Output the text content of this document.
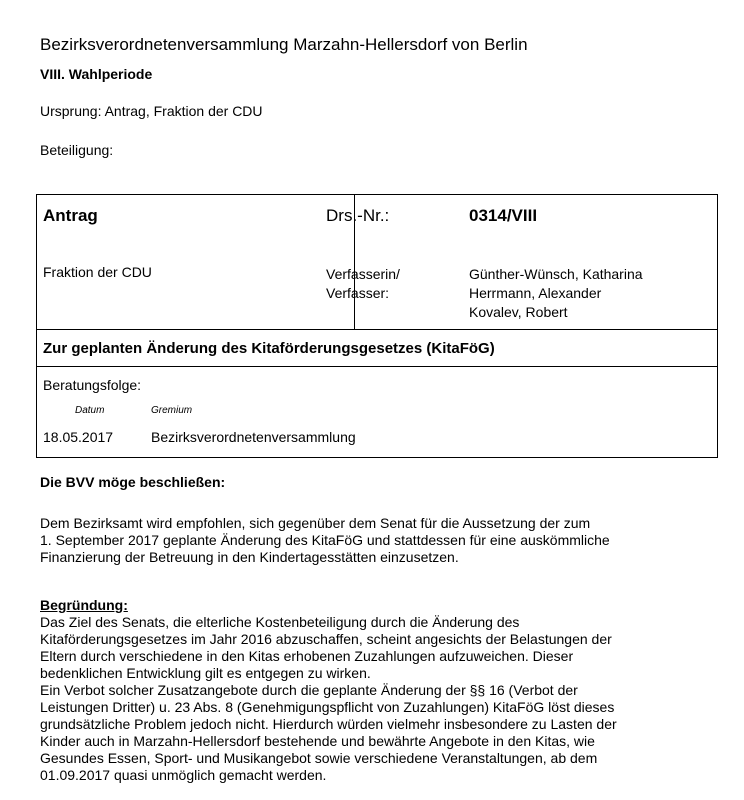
Bezirksverordnetenversammlung Marzahn-Hellersdorf von Berlin
VIII. Wahlperiode
Ursprung: Antrag, Fraktion der CDU
Beteiligung:
Antrag
Fraktion der CDU
Drs.-Nr.:	0314/VIII
Verfasserin/
Verfasser:
Günther-Wünsch, Katharina
Herrmann, Alexander
Kovalev, Robert
Zur geplanten Änderung des Kitaförderungsgesetzes (KitaFöG)
Beratungsfolge:
Datum	Gremium
18.05.2017	Bezirksverordnetenversammlung
Die BVV möge beschließen:
Dem Bezirksamt wird empfohlen, sich gegenüber dem Senat für die Aussetzung der zum
1. September 2017 geplante Änderung des KitaFöG und stattdessen für eine auskömmliche
Finanzierung der Betreuung in den Kindertagesstätten einzusetzen.
Begründung:
Das Ziel des Senats, die elterliche Kostenbeteiligung durch die Änderung des
Kitaförderungsgesetzes im Jahr 2016 abzuschaffen, scheint angesichts der Belastungen der
Eltern durch verschiedene in den Kitas erhobenen Zuzahlungen aufzuweichen. Dieser
bedenklichen Entwicklung gilt es entgegen zu wirken.
Ein Verbot solcher Zusatzangebote durch die geplante Änderung der §§ 16 (Verbot der
Leistungen Dritter) u. 23 Abs. 8 (Genehmigungspflicht von Zuzahlungen) KitaFöG löst dieses
grundsätzliche Problem jedoch nicht. Hierdurch würden vielmehr insbesondere zu Lasten der
Kinder auch in Marzahn-Hellersdorf bestehende und bewährte Angebote in den Kitas, wie
Gesundes Essen, Sport- und Musikangebot sowie verschiedene Veranstaltungen, ab dem
01.09.2017 quasi unmöglich gemacht werden.
